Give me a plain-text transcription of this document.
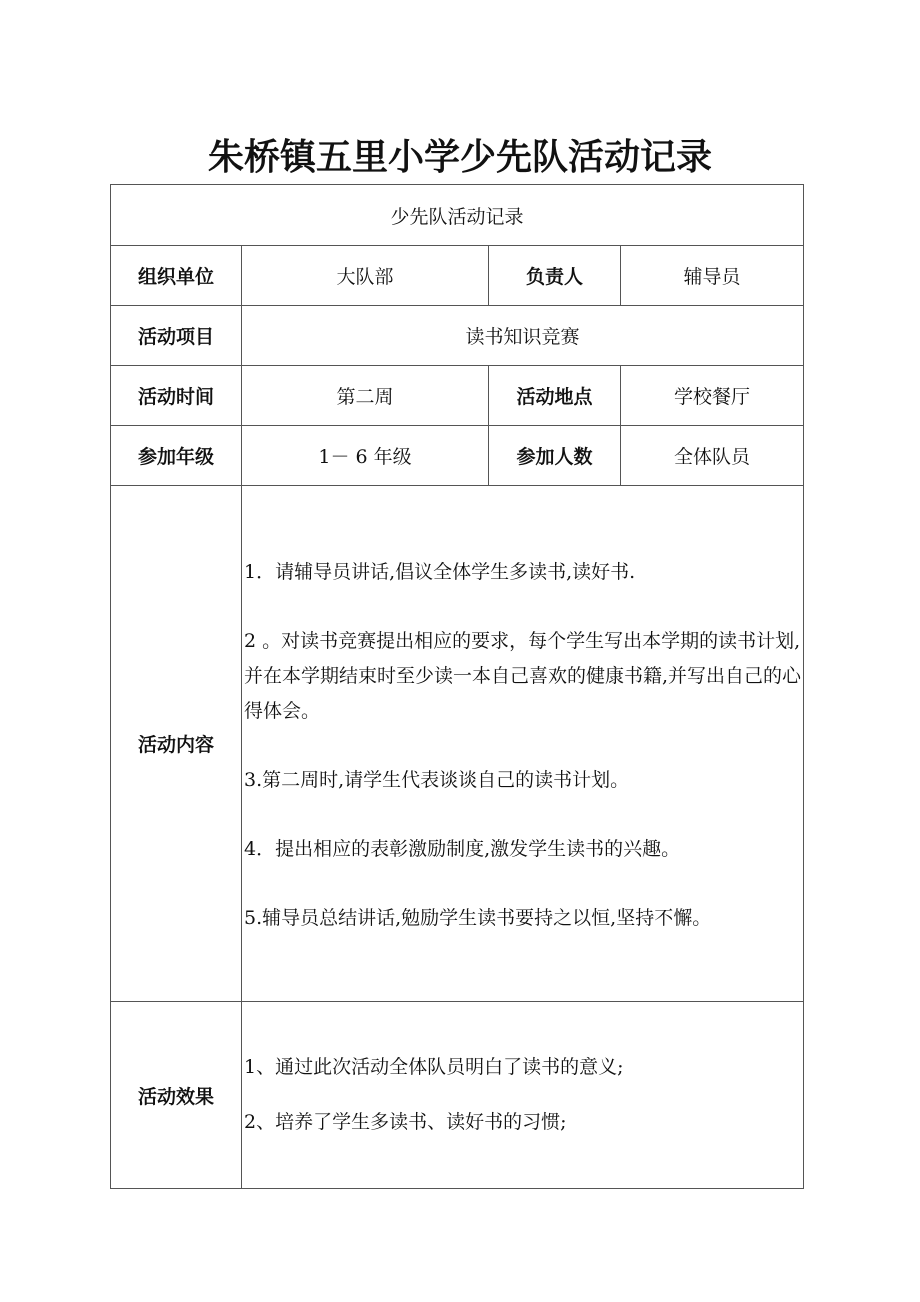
朱桥镇五里小学少先队活动记录
少先队活动记录			
组织单位	大队部	负责人	辅导员
活动项目	读书知识竞赛		
活动时间	第二周	活动地点	学校餐厅
参加年级	1－ 6 年级	参加人数	全体队员
活动内容	1．请辅导员讲话,倡议全体学生多读书,读好书.

2 。对读书竞赛提出相应的要求，每个学生写出本学期的读书计划,并在本学期结束时至少读一本自己喜欢的健康书籍,并写出自己的心得体会。

3.第二周时,请学生代表谈谈自己的读书计划。

4．提出相应的表彰激励制度,激发学生读书的兴趣。

5.辅导员总结讲话,勉励学生读书要持之以恒,坚持不懈。		

活动效果	1、通过此次活动全体队员明白了读书的意义;

2、培养了学生多读书、读好书的习惯;		
